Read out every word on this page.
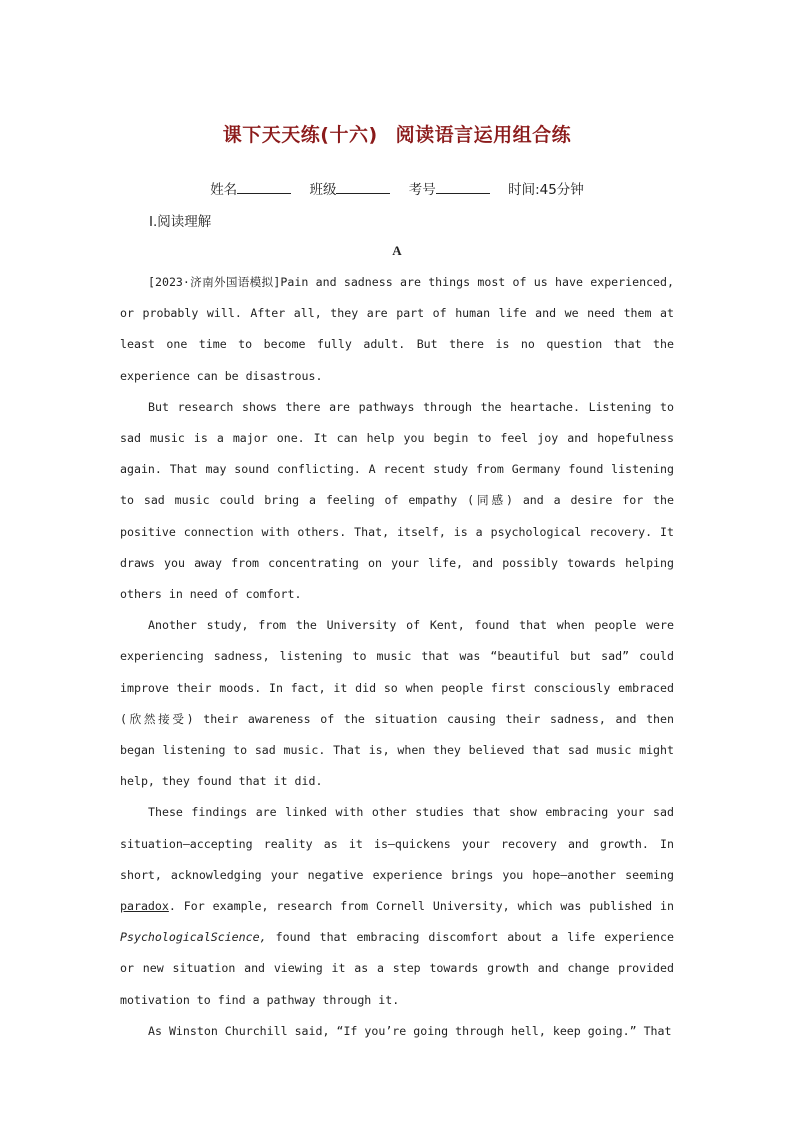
课下天天练(十六) 阅读语言运用组合练
姓名	班级	考号	时间:45分钟
Ⅰ.阅读理解
A

[2023·济南外国语模拟]Pain and sadness are things most of us have experienced, or probably will. After all, they are part of human life and we need them at least one time to become fully adult. But there is no question that the experience can be disastrous.

But research shows there are pathways through the heartache. Listening to sad music is a major one. It can help you begin to feel joy and hopefulness again. That may sound conflicting. A recent study from Germany found listening to sad music could bring a feeling of empathy (同感) and a desire for the positive connection with others. That, itself, is a psychological recovery. It draws you away from concentrating on your life, and possibly towards helping others in need of comfort.

Another study, from the University of Kent, found that when people were experiencing sadness, listening to music that was “beautiful but sad” could improve their moods. In fact, it did so when people first consciously embraced (欣然接受) their awareness of the situation causing their sadness, and then began listening to sad music. That is, when they believed that sad music might help, they found that it did.

These findings are linked with other studies that show embracing your sad situation—accepting reality as it is—quickens your recovery and growth. In short, acknowledging your negative experience brings you hope—another seeming paradox. For example, research from Cornell University, which was published in PsychologicalScience, found that embracing discomfort about a life experience or new situation and viewing it as a step towards growth and change provided motivation to find a pathway through it.

As Winston Churchill said, “If you’re going through hell, keep going.” That
